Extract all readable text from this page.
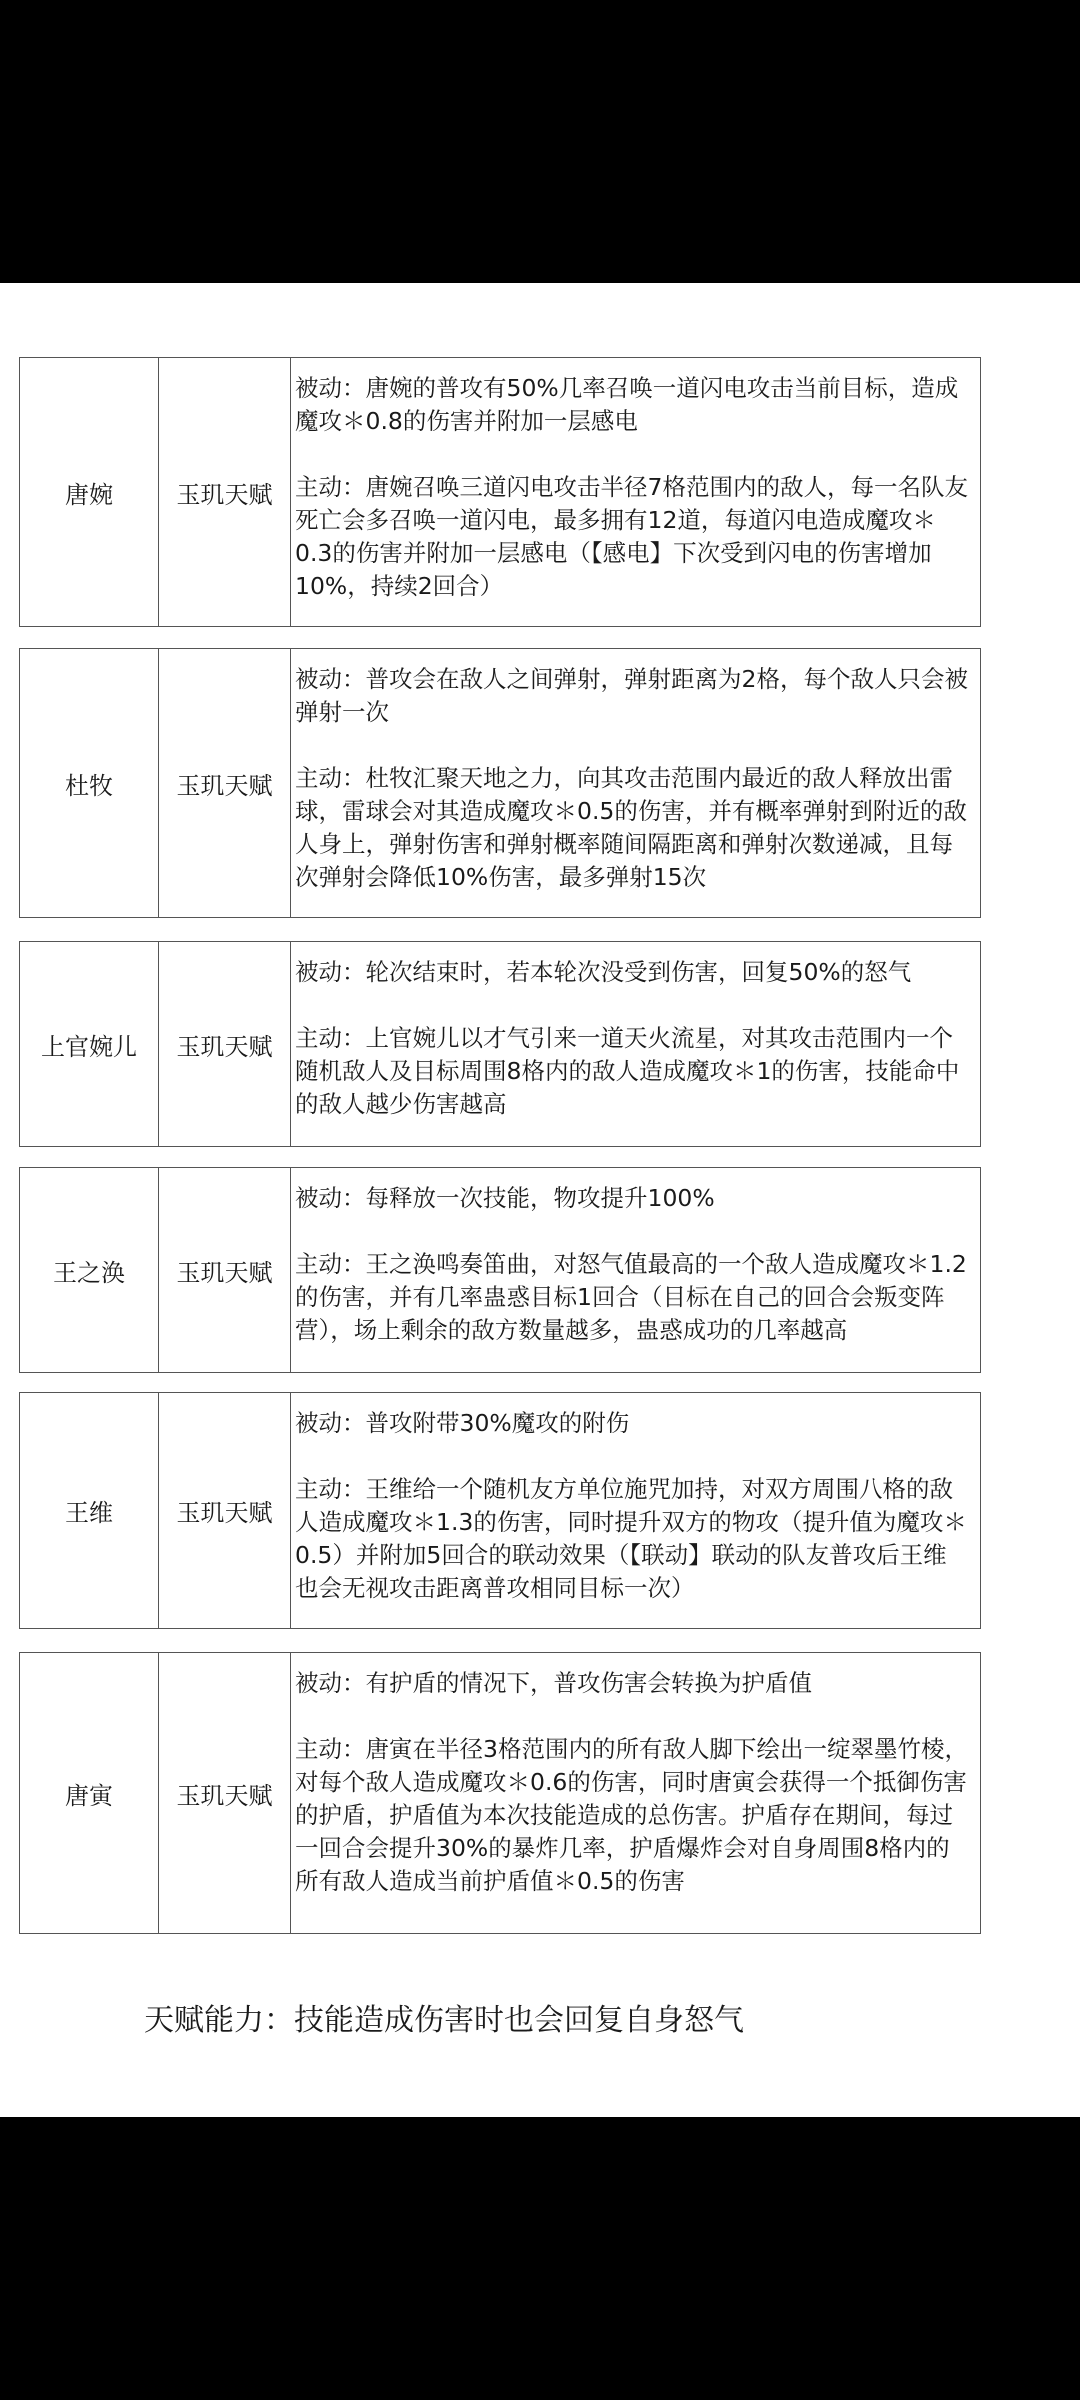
唐婉	玉玑天赋

被动：唐婉的普攻有50%几率召唤一道闪电攻击当前目标，造成魔攻＊0.8的伤害并附加一层感电

主动：唐婉召唤三道闪电攻击半径7格范围内的敌人，每一名队友死亡会多召唤一道闪电，最多拥有12道，每道闪电造成魔攻＊0.3的伤害并附加一层感电（【感电】下次受到闪电的伤害增加10%，持续2回合）

杜牧	玉玑天赋

被动：普攻会在敌人之间弹射，弹射距离为2格，每个敌人只会被弹射一次

主动：杜牧汇聚天地之力，向其攻击范围内最近的敌人释放出雷球，雷球会对其造成魔攻＊0.5的伤害，并有概率弹射到附近的敌人身上，弹射伤害和弹射概率随间隔距离和弹射次数递减，且每次弹射会降低10%伤害，最多弹射15次

上官婉儿	玉玑天赋

被动：轮次结束时，若本轮次没受到伤害，回复50%的怒气

主动：上官婉儿以才气引来一道天火流星，对其攻击范围内一个随机敌人及目标周围8格内的敌人造成魔攻＊1的伤害，技能命中的敌人越少伤害越高

王之涣	玉玑天赋

被动：每释放一次技能，物攻提升100%

主动：王之涣鸣奏笛曲，对怒气值最高的一个敌人造成魔攻＊1.2的伤害，并有几率蛊惑目标1回合（目标在自己的回合会叛变阵营），场上剩余的敌方数量越多，蛊惑成功的几率越高

王维	玉玑天赋

被动：普攻附带30%魔攻的附伤

主动：王维给一个随机友方单位施咒加持，对双方周围八格的敌人造成魔攻＊1.3的伤害，同时提升双方的物攻（提升值为魔攻＊0.5）并附加5回合的联动效果（【联动】联动的队友普攻后王维也会无视攻击距离普攻相同目标一次）

唐寅	玉玑天赋

被动：有护盾的情况下，普攻伤害会转换为护盾值

主动：唐寅在半径3格范围内的所有敌人脚下绘出一绽翠墨竹棱，对每个敌人造成魔攻＊0.6的伤害，同时唐寅会获得一个抵御伤害的护盾，护盾值为本次技能造成的总伤害。护盾存在期间，每过一回合会提升30%的暴炸几率，护盾爆炸会对自身周围8格内的所有敌人造成当前护盾值＊0.5的伤害

天赋能力：技能造成伤害时也会回复自身怒气
